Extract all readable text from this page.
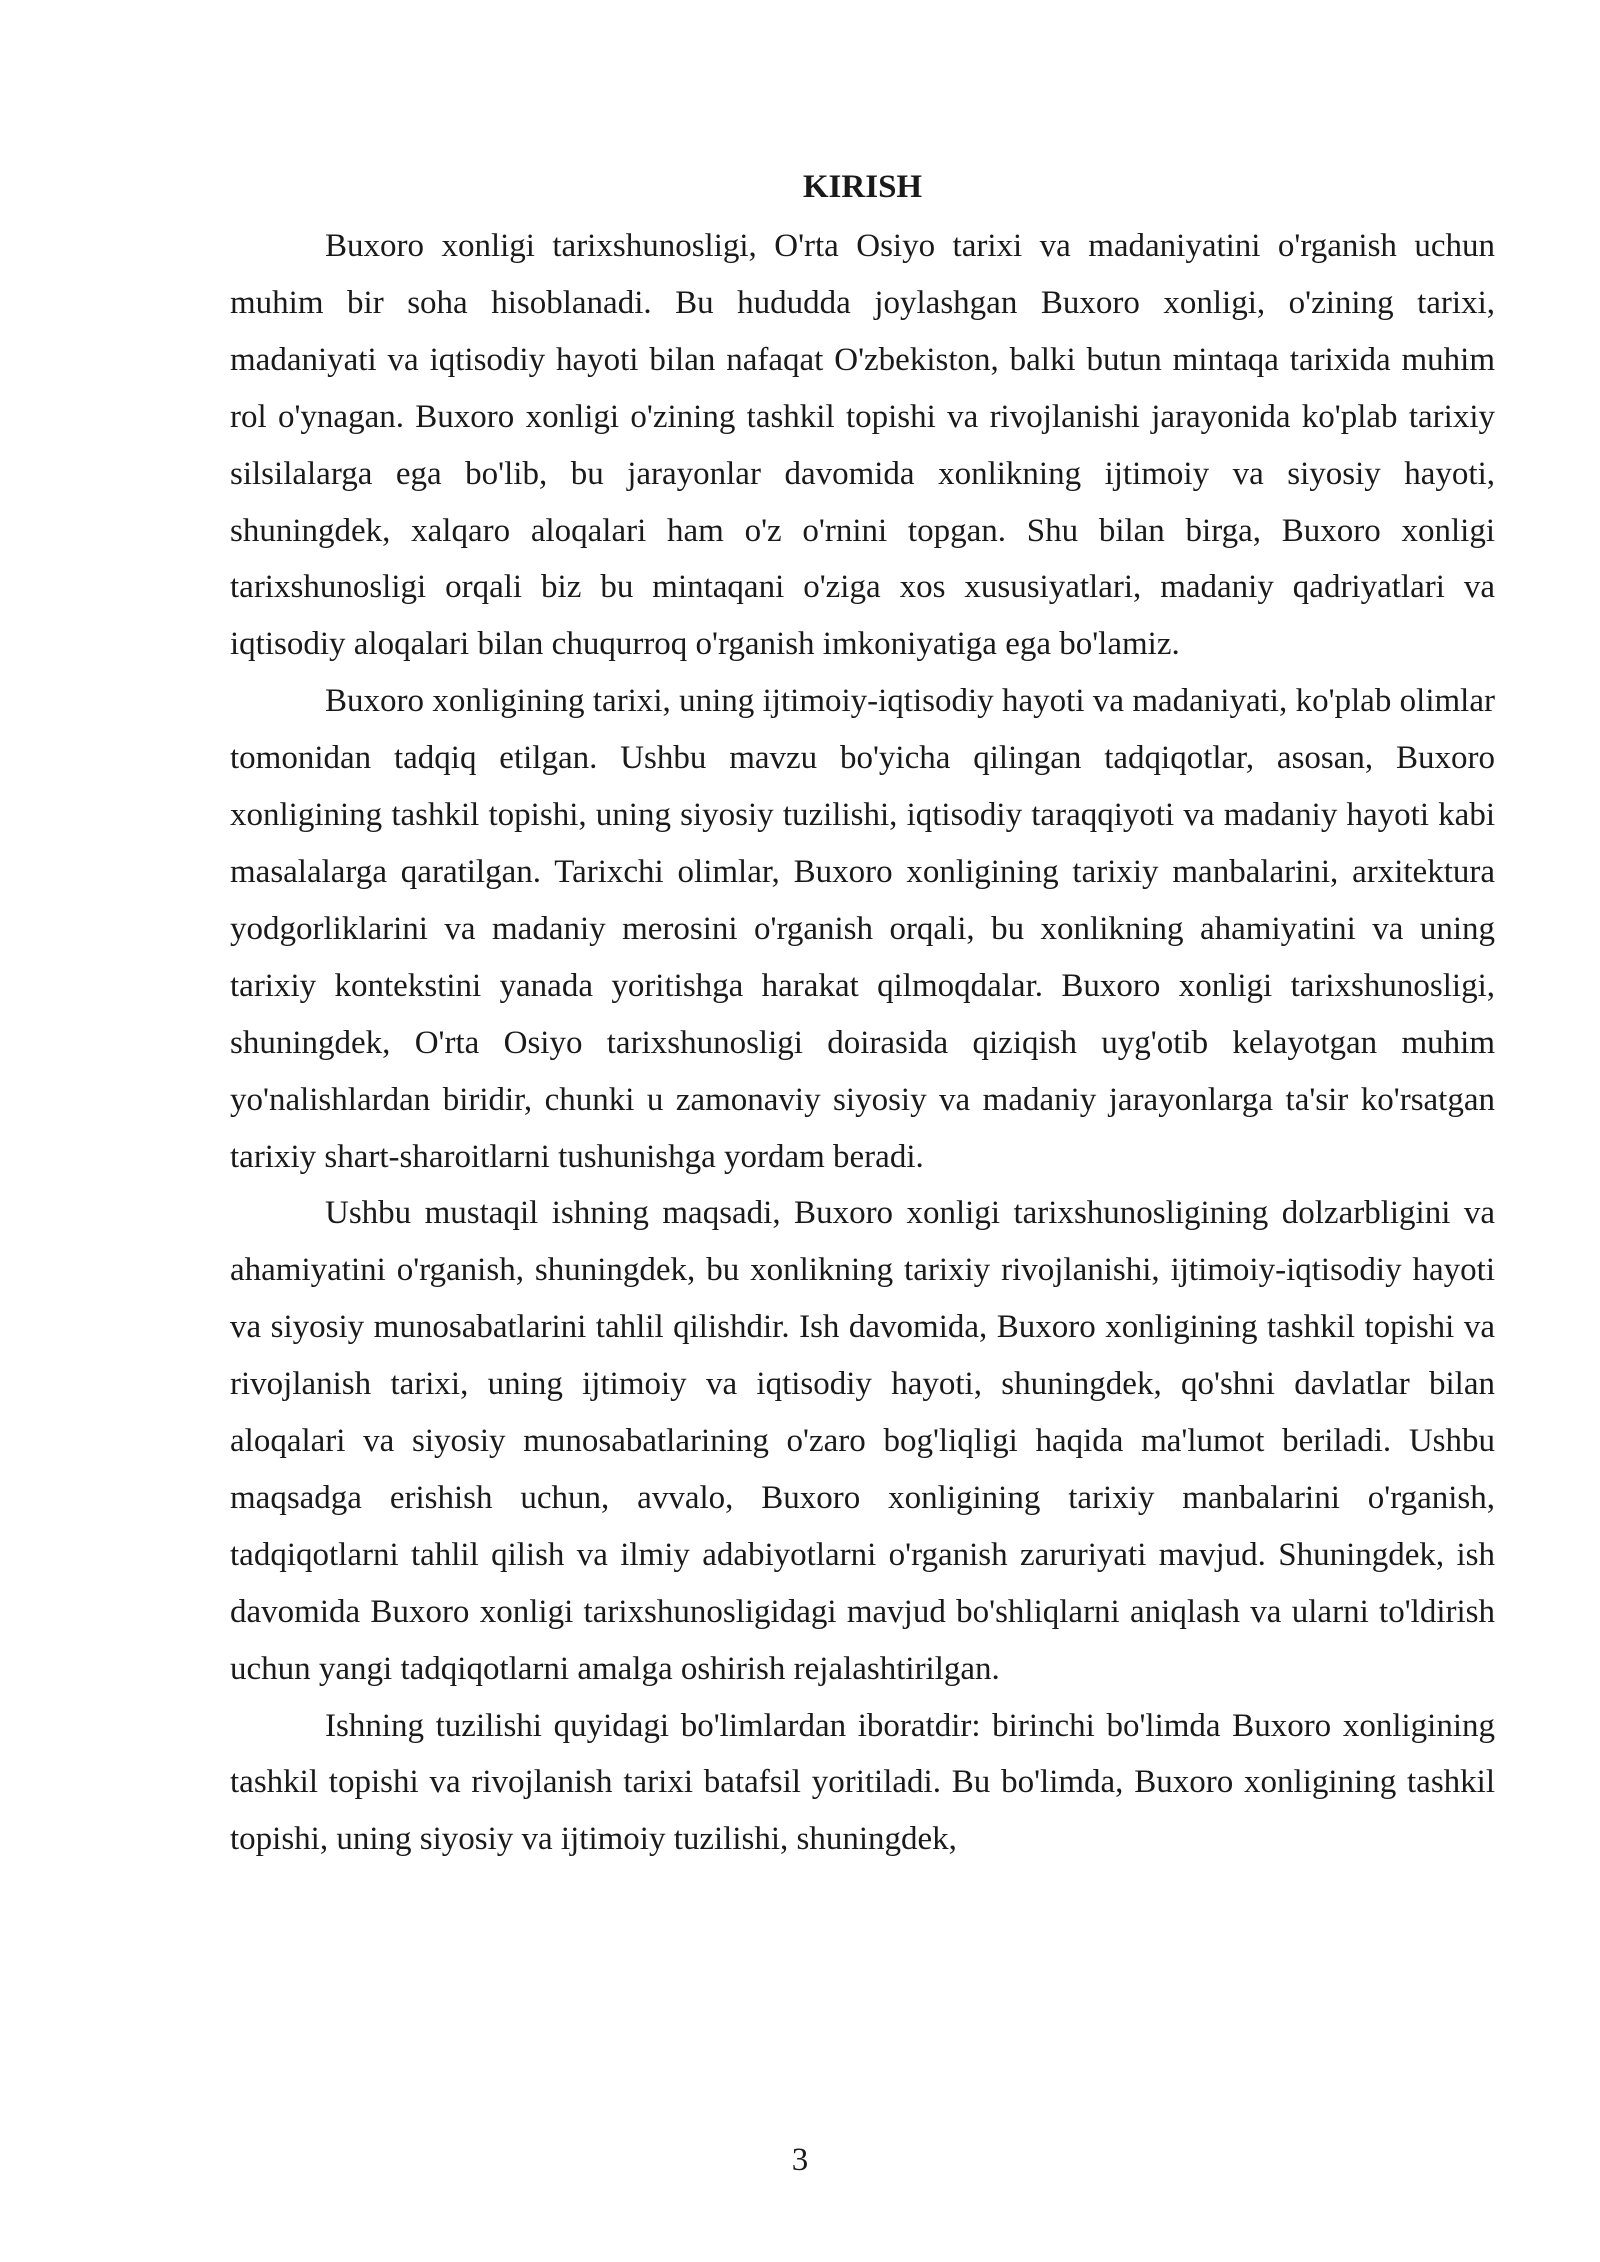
KIRISH

Buxoro xonligi tarixshunosligi, O'rta Osiyo tarixi va madaniyatini o'rganish uchun muhim bir soha hisoblanadi. Bu hududda joylashgan Buxoro xonligi, o'zining tarixi, madaniyati va iqtisodiy hayoti bilan nafaqat O'zbekiston, balki butun mintaqa tarixida muhim rol o'ynagan. Buxoro xonligi o'zining tashkil topishi va rivojlanishi jarayonida ko'plab tarixiy silsilalarga ega bo'lib, bu jarayonlar davomida xonlikning ijtimoiy va siyosiy hayoti, shuningdek, xalqaro aloqalari ham o'z o'rnini topgan. Shu bilan birga, Buxoro xonligi tarixshunosligi orqali biz bu mintaqani o'ziga xos xususiyatlari, madaniy qadriyatlari va iqtisodiy aloqalari bilan chuqurroq o'rganish imkoniyatiga ega bo'lamiz.

Buxoro xonligining tarixi, uning ijtimoiy-iqtisodiy hayoti va madaniyati, ko'plab olimlar tomonidan tadqiq etilgan. Ushbu mavzu bo'yicha qilingan tadqiqotlar, asosan, Buxoro xonligining tashkil topishi, uning siyosiy tuzilishi, iqtisodiy taraqqiyoti va madaniy hayoti kabi masalalarga qaratilgan. Tarixchi olimlar, Buxoro xonligining tarixiy manbalarini, arxitektura yodgorliklarini va madaniy merosini o'rganish orqali, bu xonlikning ahamiyatini va uning tarixiy kontekstini yanada yoritishga harakat qilmoqdalar. Buxoro xonligi tarixshunosligi, shuningdek, O'rta Osiyo tarixshunosligi doirasida qiziqish uyg'otib kelayotgan muhim yo'nalishlardan biridir, chunki u zamonaviy siyosiy va madaniy jarayonlarga ta'sir ko'rsatgan tarixiy shart-sharoitlarni tushunishga yordam beradi.

Ushbu mustaqil ishning maqsadi, Buxoro xonligi tarixshunosligining dolzarbligini va ahamiyatini o'rganish, shuningdek, bu xonlikning tarixiy rivojlanishi, ijtimoiy-iqtisodiy hayoti va siyosiy munosabatlarini tahlil qilishdir. Ish davomida, Buxoro xonligining tashkil topishi va rivojlanish tarixi, uning ijtimoiy va iqtisodiy hayoti, shuningdek, qo'shni davlatlar bilan aloqalari va siyosiy munosabatlarining o'zaro bog'liqligi haqida ma'lumot beriladi. Ushbu maqsadga erishish uchun, avvalo, Buxoro xonligining tarixiy manbalarini o'rganish, tadqiqotlarni tahlil qilish va ilmiy adabiyotlarni o'rganish zaruriyati mavjud. Shuningdek, ish davomida Buxoro xonligi tarixshunosligidagi mavjud bo'shliqlarni aniqlash va ularni to'ldirish uchun yangi tadqiqotlarni amalga oshirish rejalashtirilgan.

Ishning tuzilishi quyidagi bo'limlardan iboratdir: birinchi bo'limda Buxoro xonligining tashkil topishi va rivojlanish tarixi batafsil yoritiladi. Bu bo'limda, Buxoro xonligining tashkil topishi, uning siyosiy va ijtimoiy tuzilishi, shuningdek,

3
